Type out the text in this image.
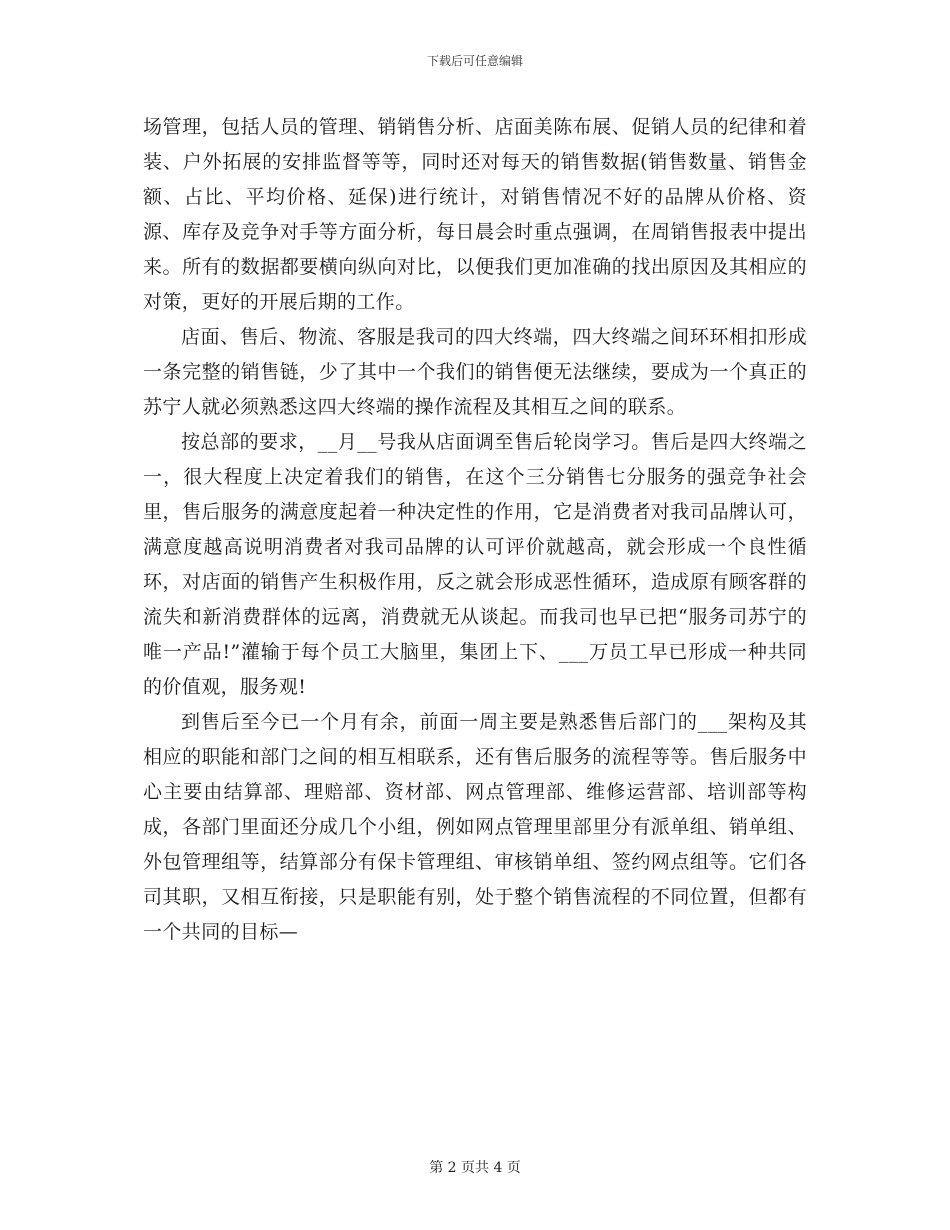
下载后可任意编辑

场管理，包括人员的管理、销销售分析、店面美陈布展、促销人员的纪律和着装、户外拓展的安排监督等等，同时还对每天的销售数据(销售数量、销售金额、占比、平均价格、延保)进行统计，对销售情况不好的品牌从价格、资源、库存及竞争对手等方面分析，每日晨会时重点强调，在周销售报表中提出来。所有的数据都要横向纵向对比，以便我们更加准确的找出原因及其相应的对策，更好的开展后期的工作。

店面、售后、物流、客服是我司的四大终端，四大终端之间环环相扣形成一条完整的销售链，少了其中一个我们的销售便无法继续，要成为一个真正的苏宁人就必须熟悉这四大终端的操作流程及其相互之间的联系。

按总部的要求，__月__号我从店面调至售后轮岗学习。售后是四大终端之一，很大程度上决定着我们的销售，在这个三分销售七分服务的强竞争社会里，售后服务的满意度起着一种决定性的作用，它是消费者对我司品牌认可，满意度越高说明消费者对我司品牌的认可评价就越高，就会形成一个良性循环，对店面的销售产生积极作用，反之就会形成恶性循环，造成原有顾客群的流失和新消费群体的远离，消费就无从谈起。而我司也早已把“服务司苏宁的唯一产品!”灌输于每个员工大脑里，集团上下、___万员工早已形成一种共同的价值观，服务观!

到售后至今已一个月有余，前面一周主要是熟悉售后部门的___架构及其相应的职能和部门之间的相互相联系，还有售后服务的流程等等。售后服务中心主要由结算部、理赔部、资材部、网点管理部、维修运营部、培训部等构成，各部门里面还分成几个小组，例如网点管理里部里分有派单组、销单组、外包管理组等，结算部分有保卡管理组、审核销单组、签约网点组等。它们各司其职，又相互衔接，只是职能有别，处于整个销售流程的不同位置，但都有一个共同的目标—

第 2 页共 4 页
